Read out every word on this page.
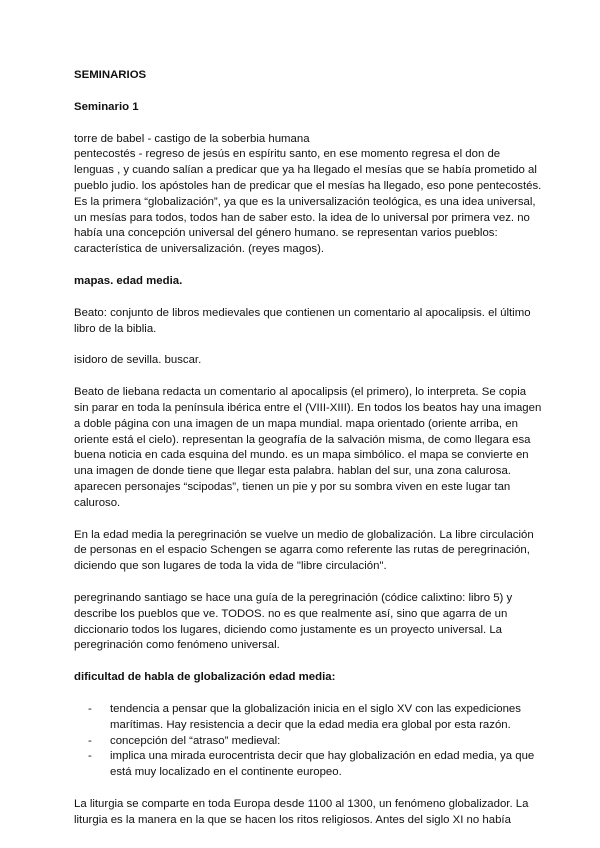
SEMINARIOS
Seminario 1
torre de babel - castigo de la soberbia humana
pentecostés - regreso de jesús en espíritu santo, en ese momento regresa el don de
lenguas , y cuando salían a predicar que ya ha llegado el mesías que se había prometido al
pueblo judio. los apóstoles han de predicar que el mesías ha llegado, eso pone pentecostés.
Es la primera “globalización”, ya que es la universalización teológica, es una idea universal,
un mesías para todos, todos han de saber esto. la idea de lo universal por primera vez. no
había una concepción universal del género humano. se representan varios pueblos:
característica de universalización. (reyes magos).
mapas. edad media.
Beato: conjunto de libros medievales que contienen un comentario al apocalipsis. el último
libro de la biblia.
isidoro de sevilla. buscar.
Beato de liebana redacta un comentario al apocalipsis (el primero), lo interpreta. Se copia
sin parar en toda la península ibérica entre el (VIII-XIII). En todos los beatos hay una imagen
a doble página con una imagen de un mapa mundial. mapa orientado (oriente arriba, en
oriente está el cielo). representan la geografía de la salvación misma, de como llegara esa
buena noticia en cada esquina del mundo. es un mapa simbólico. el mapa se convierte en
una imagen de donde tiene que llegar esta palabra. hablan del sur, una zona calurosa.
aparecen personajes “scipodas”, tienen un pie y por su sombra viven en este lugar tan
caluroso.
En la edad media la peregrinación se vuelve un medio de globalización. La libre circulación
de personas en el espacio Schengen se agarra como referente las rutas de peregrinación,
diciendo que son lugares de toda la vida de "libre circulación".
peregrinando santiago se hace una guía de la peregrinación (códice calixtino: libro 5) y
describe los pueblos que ve. TODOS. no es que realmente así, sino que agarra de un
diccionario todos los lugares, diciendo como justamente es un proyecto universal. La
peregrinación como fenómeno universal.
dificultad de habla de globalización edad media:
- tendencia a pensar que la globalización inicia en el siglo XV con las expediciones
marítimas. Hay resistencia a decir que la edad media era global por esta razón.
- concepción del “atraso” medieval:
- implica una mirada eurocentrista decir que hay globalización en edad media, ya que
está muy localizado en el continente europeo.
La liturgia se comparte en toda Europa desde 1100 al 1300, un fenómeno globalizador. La
liturgia es la manera en la que se hacen los ritos religiosos. Antes del siglo XI no había
